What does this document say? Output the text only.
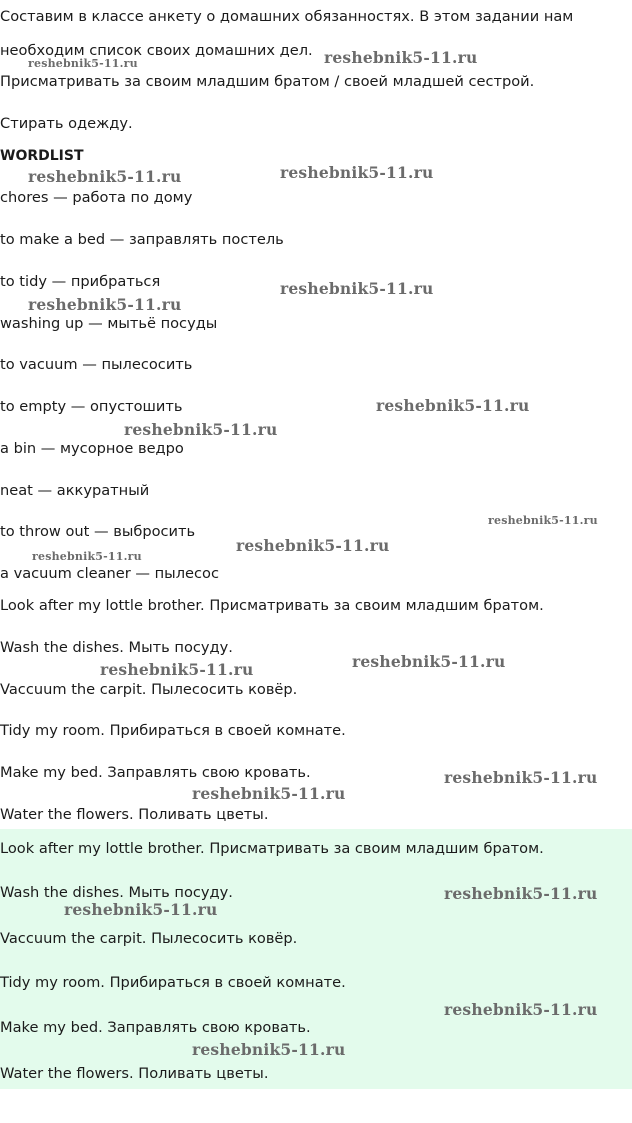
Составим в классе анкету о домашних обязанностях. В этом задании нам
необходим список своих домашних дел.
Присматривать за своим младшим братом / своей младшей сестрой.
Стирать одежду.
WORDLIST
chores — работа по дому
to make a bed — заправлять постель
to tidy — прибраться
washing up — мытьё посуды
to vacuum — пылесосить
to empty — опустошить
a bin — мусорное ведро
neat — аккуратный
to throw out — выбросить
a vacuum cleaner — пылесос
Look after my lottle brother. Присматривать за своим младшим братом.
Wash the dishes. Мыть посуду.
Vaccuum the carpit. Пылесосить ковёр.
Tidy my room. Прибираться в своей комнате.
Make my bed. Заправлять свою кровать.
Water the flowers. Поливать цветы.
Look after my lottle brother. Присматривать за своим младшим братом.
Wash the dishes. Мыть посуду.
Vaccuum the carpit. Пылесосить ковёр.
Tidy my room. Прибираться в своей комнате.
Make my bed. Заправлять свою кровать.
Water the flowers. Поливать цветы.
reshebnik5-11.ru	reshebnik5-11.ru
reshebnik5-11.ru	reshebnik5-11.ru
reshebnik5-11.ru
reshebnik5-11.ru
reshebnik5-11.ru
reshebnik5-11.ru
reshebnik5-11.ru
reshebnik5-11.ru
reshebnik5-11.ru
reshebnik5-11.ru
reshebnik5-11.ru
reshebnik5-11.ru
reshebnik5-11.ru
reshebnik5-11.ru
reshebnik5-11.ru
reshebnik5-11.ru
reshebnik5-11.ru
